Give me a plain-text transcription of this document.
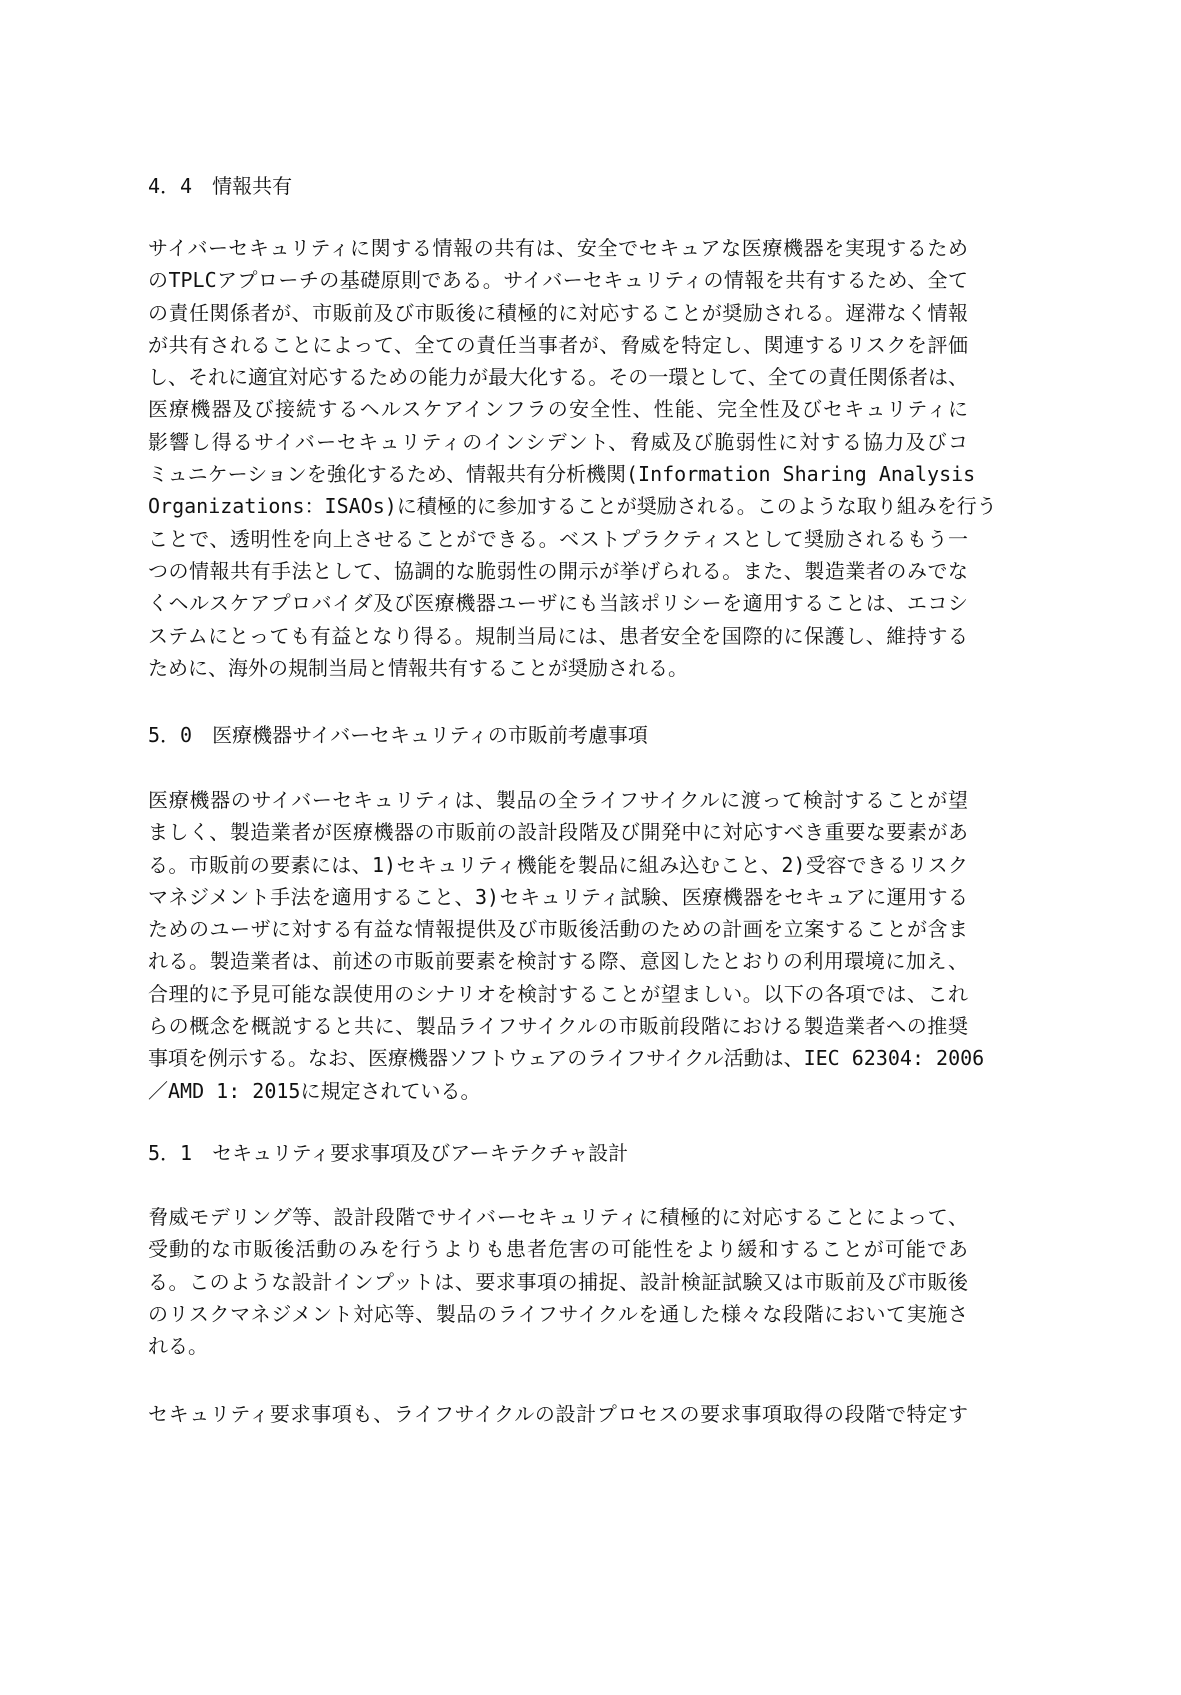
4．4　情報共有
サイバーセキュリティに関する情報の共有は、安全でセキュアな医療機器を実現するため
のTPLCアプローチの基礎原則である。サイバーセキュリティの情報を共有するため、全て
の責任関係者が、市販前及び市販後に積極的に対応することが奨励される。遅滞なく情報
が共有されることによって、全ての責任当事者が、脅威を特定し、関連するリスクを評価
し、それに適宜対応するための能力が最大化する。その一環として、全ての責任関係者は、
医療機器及び接続するヘルスケアインフラの安全性、性能、完全性及びセキュリティに
影響し得るサイバーセキュリティのインシデント、脅威及び脆弱性に対する協力及びコ
ミュニケーションを強化するため、情報共有分析機関(Information Sharing Analysis
Organizations：ISAOs)に積極的に参加することが奨励される。このような取り組みを行う
ことで、透明性を向上させることができる。ベストプラクティスとして奨励されるもう一
つの情報共有手法として、協調的な脆弱性の開示が挙げられる。また、製造業者のみでな
くヘルスケアプロバイダ及び医療機器ユーザにも当該ポリシーを適用することは、エコシ
ステムにとっても有益となり得る。規制当局には、患者安全を国際的に保護し、維持する
ために、海外の規制当局と情報共有することが奨励される。
5．0　医療機器サイバーセキュリティの市販前考慮事項
医療機器のサイバーセキュリティは、製品の全ライフサイクルに渡って検討することが望
ましく、製造業者が医療機器の市販前の設計段階及び開発中に対応すべき重要な要素があ
る。市販前の要素には、1)セキュリティ機能を製品に組み込むこと、2)受容できるリスク
マネジメント手法を適用すること、3)セキュリティ試験、医療機器をセキュアに運用する
ためのユーザに対する有益な情報提供及び市販後活動のための計画を立案することが含ま
れる。製造業者は、前述の市販前要素を検討する際、意図したとおりの利用環境に加え、
合理的に予見可能な誤使用のシナリオを検討することが望ましい。以下の各項では、これ
らの概念を概説すると共に、製品ライフサイクルの市販前段階における製造業者への推奨
事項を例示する。なお、医療機器ソフトウェアのライフサイクル活動は、IEC 62304: 2006
／AMD 1: 2015に規定されている。
5．1　セキュリティ要求事項及びアーキテクチャ設計
脅威モデリング等、設計段階でサイバーセキュリティに積極的に対応することによって、
受動的な市販後活動のみを行うよりも患者危害の可能性をより緩和することが可能であ
る。このような設計インプットは、要求事項の捕捉、設計検証試験又は市販前及び市販後
のリスクマネジメント対応等、製品のライフサイクルを通した様々な段階において実施さ
れる。
セキュリティ要求事項も、ライフサイクルの設計プロセスの要求事項取得の段階で特定す
